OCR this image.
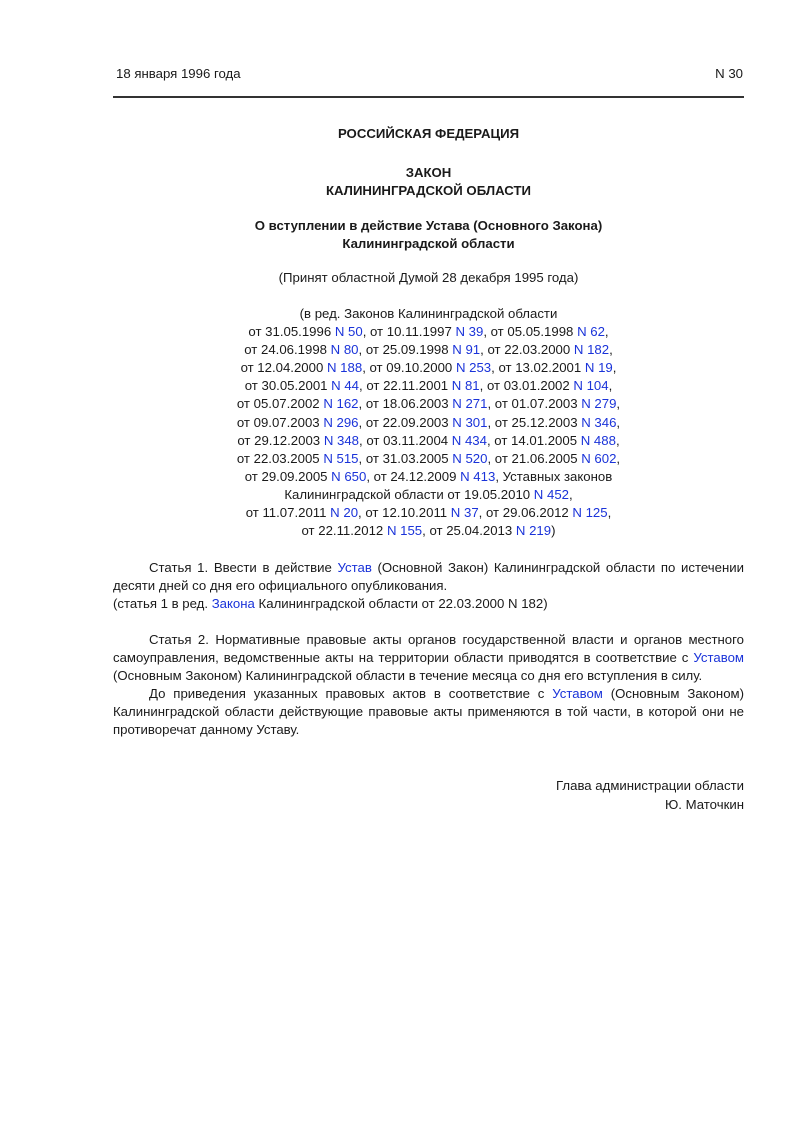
18 января 1996 года	N 30
РОССИЙСКАЯ ФЕДЕРАЦИЯ
ЗАКОН
КАЛИНИНГРАДСКОЙ ОБЛАСТИ
О вступлении в действие Устава (Основного Закона)
Калининградской области
(Принят областной Думой 28 декабря 1995 года)
(в ред. Законов Калининградской области
от 31.05.1996 N 50, от 10.11.1997 N 39, от 05.05.1998 N 62,
от 24.06.1998 N 80, от 25.09.1998 N 91, от 22.03.2000 N 182,
от 12.04.2000 N 188, от 09.10.2000 N 253, от 13.02.2001 N 19,
от 30.05.2001 N 44, от 22.11.2001 N 81, от 03.01.2002 N 104,
от 05.07.2002 N 162, от 18.06.2003 N 271, от 01.07.2003 N 279,
от 09.07.2003 N 296, от 22.09.2003 N 301, от 25.12.2003 N 346,
от 29.12.2003 N 348, от 03.11.2004 N 434, от 14.01.2005 N 488,
от 22.03.2005 N 515, от 31.03.2005 N 520, от 21.06.2005 N 602,
от 29.09.2005 N 650, от 24.12.2009 N 413, Уставных законов
Калининградской области от 19.05.2010 N 452,
от 11.07.2011 N 20, от 12.10.2011 N 37, от 29.06.2012 N 125,
от 22.11.2012 N 155, от 25.04.2013 N 219)

Статья 1. Ввести в действие Устав (Основной Закон) Калининградской области по истечении десяти дней со дня его официального опубликования.

(статья 1 в ред. Закона Калининградской области от 22.03.2000 N 182)

Статья 2. Нормативные правовые акты органов государственной власти и органов местного самоуправления, ведомственные акты на территории области приводятся в соответствие с Уставом (Основным Законом) Калининградской области в течение месяца со дня его вступления в силу.

До приведения указанных правовых актов в соответствие с Уставом (Основным Законом) Калининградской области действующие правовые акты применяются в той части, в которой они не противоречат данному Уставу.

Глава администрации области
Ю. Маточкин
